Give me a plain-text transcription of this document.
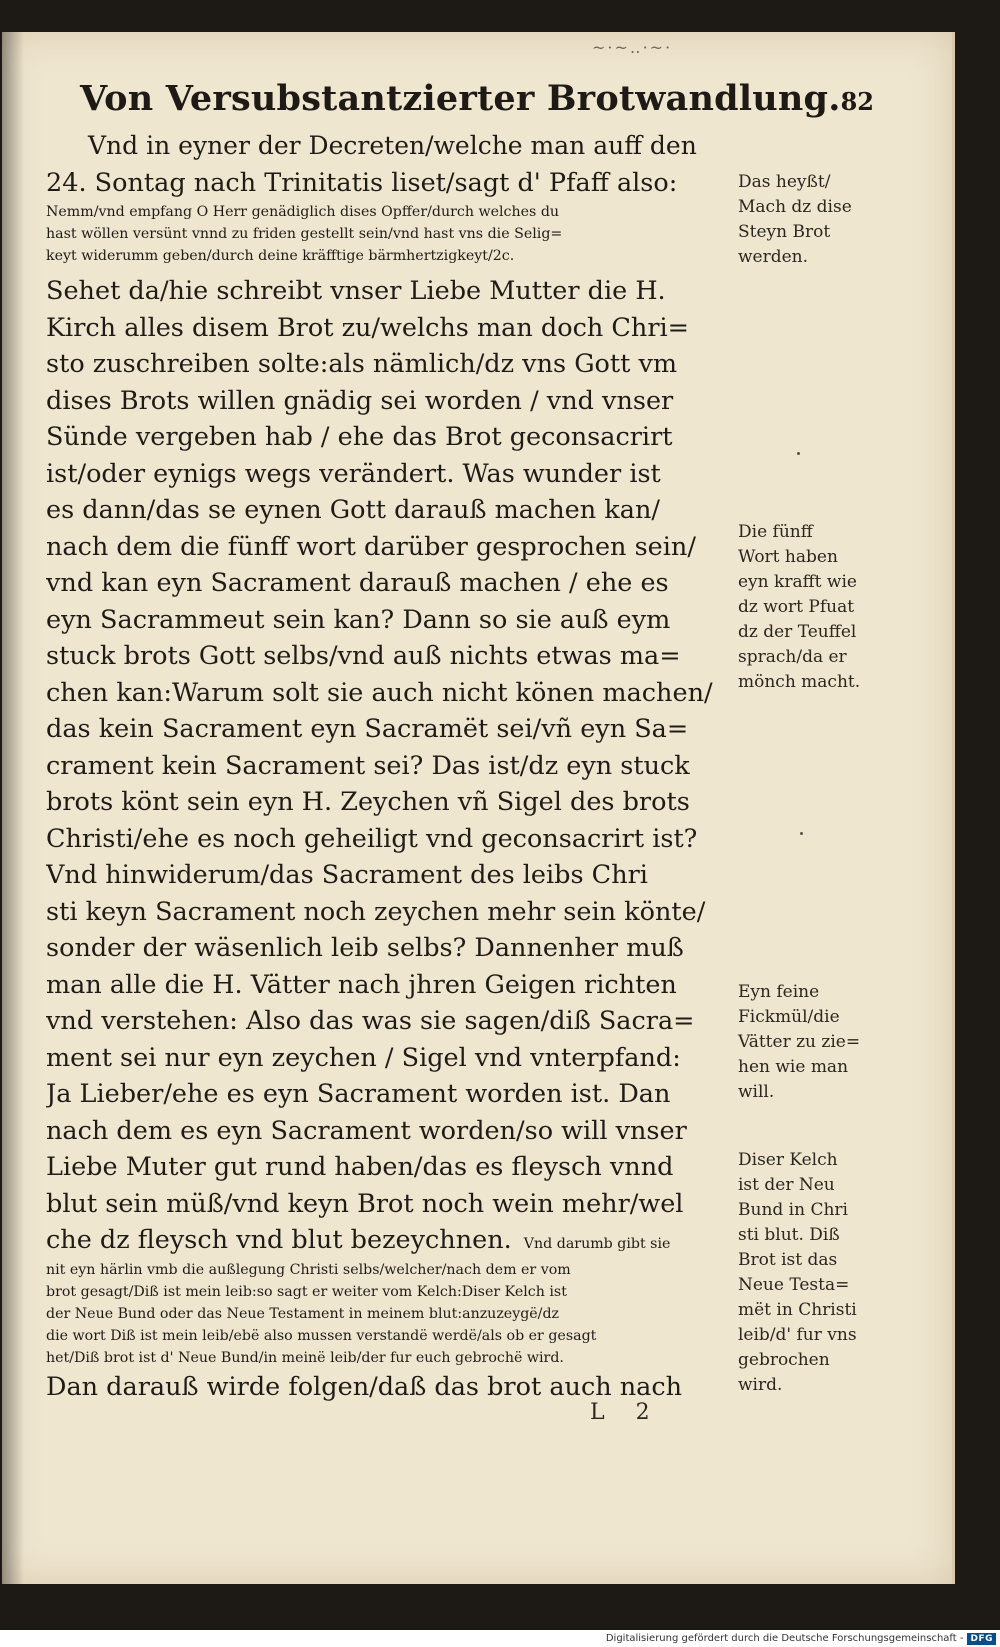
~·~‥·~·
Von Versubstantzierter Brotwandlung. 82
Vnd in eyner der Decreten/welche man auff den
24. Sontag nach Trinitatis liset/sagt d' Pfaff also:
Nemm/vnd empfang O Herr genädiglich dises Opffer/durch welches du
hast wöllen versünt vnnd zu friden gestellt sein/vnd hast vns die Selig=
keyt widerumm geben/durch deine kräfftige bärmhertzigkeyt/2c.
Sehet da/hie schreibt vnser Liebe Mutter die H.
Kirch alles disem Brot zu/welchs man doch Chri=
sto zuschreiben solte:als nämlich/dz vns Gott vm
dises Brots willen gnädig sei worden / vnd vnser
Sünde vergeben hab / ehe das Brot geconsacrirt
ist/oder eynigs wegs verändert. Was wunder ist
es dann/das se eynen Gott darauß machen kan/
nach dem die fünff wort darüber gesprochen sein/
vnd kan eyn Sacrament darauß machen / ehe es
eyn Sacrammeut sein kan? Dann so sie auß eym
stuck brots Gott selbs/vnd auß nichts etwas ma=
chen kan:Warum solt sie auch nicht könen machen/
das kein Sacrament eyn Sacramët sei/vñ eyn Sa=
crament kein Sacrament sei? Das ist/dz eyn stuck
brots könt sein eyn H. Zeychen vñ Sigel des brots
Christi/ehe es noch geheiligt vnd geconsacrirt ist?
Vnd hinwiderum/das Sacrament des leibs Chri
sti keyn Sacrament noch zeychen mehr sein könte/
sonder der wäsenlich leib selbs? Dannenher muß
man alle die H. Vätter nach jhren Geigen richten
vnd verstehen: Also das was sie sagen/diß Sacra=
ment sei nur eyn zeychen / Sigel vnd vnterpfand:
Ja Lieber/ehe es eyn Sacrament worden ist. Dan
nach dem es eyn Sacrament worden/so will vnser
Liebe Muter gut rund haben/das es fleysch vnnd
blut sein müß/vnd keyn Brot noch wein mehr/wel
che dz fleysch vnd blut bezeychnen. Vnd darumb gibt sie
nit eyn härlin vmb die außlegung Christi selbs/welcher/nach dem er vom
brot gesagt/Diß ist mein leib:so sagt er weiter vom Kelch:Diser Kelch ist
der Neue Bund oder das Neue Testament in meinem blut:anzuzeygë/dz
die wort Diß ist mein leib/ebë also mussen verstandë werdë/als ob er gesagt
het/Diß brot ist d' Neue Bund/in meinë leib/der fur euch gebrochë wird.
Dan darauß wirde folgen/daß das brot auch nach
L 2
Das heyßt/
Mach dz dise
Steyn Brot
werden.
Die fünff
Wort haben
eyn krafft wie
dz wort Pfuat
dz der Teuffel
sprach/da er
mönch macht.
Eyn feine
Fickmül/die
Vätter zu zie=
hen wie man
will.
Diser Kelch
ist der Neu
Bund in Chri
sti blut. Diß
Brot ist das
Neue Testa=
mët in Christi
leib/d' fur vns
gebrochen
wird.
Digitalisierung gefördert durch die Deutsche Forschungsgemeinschaft - DFG
